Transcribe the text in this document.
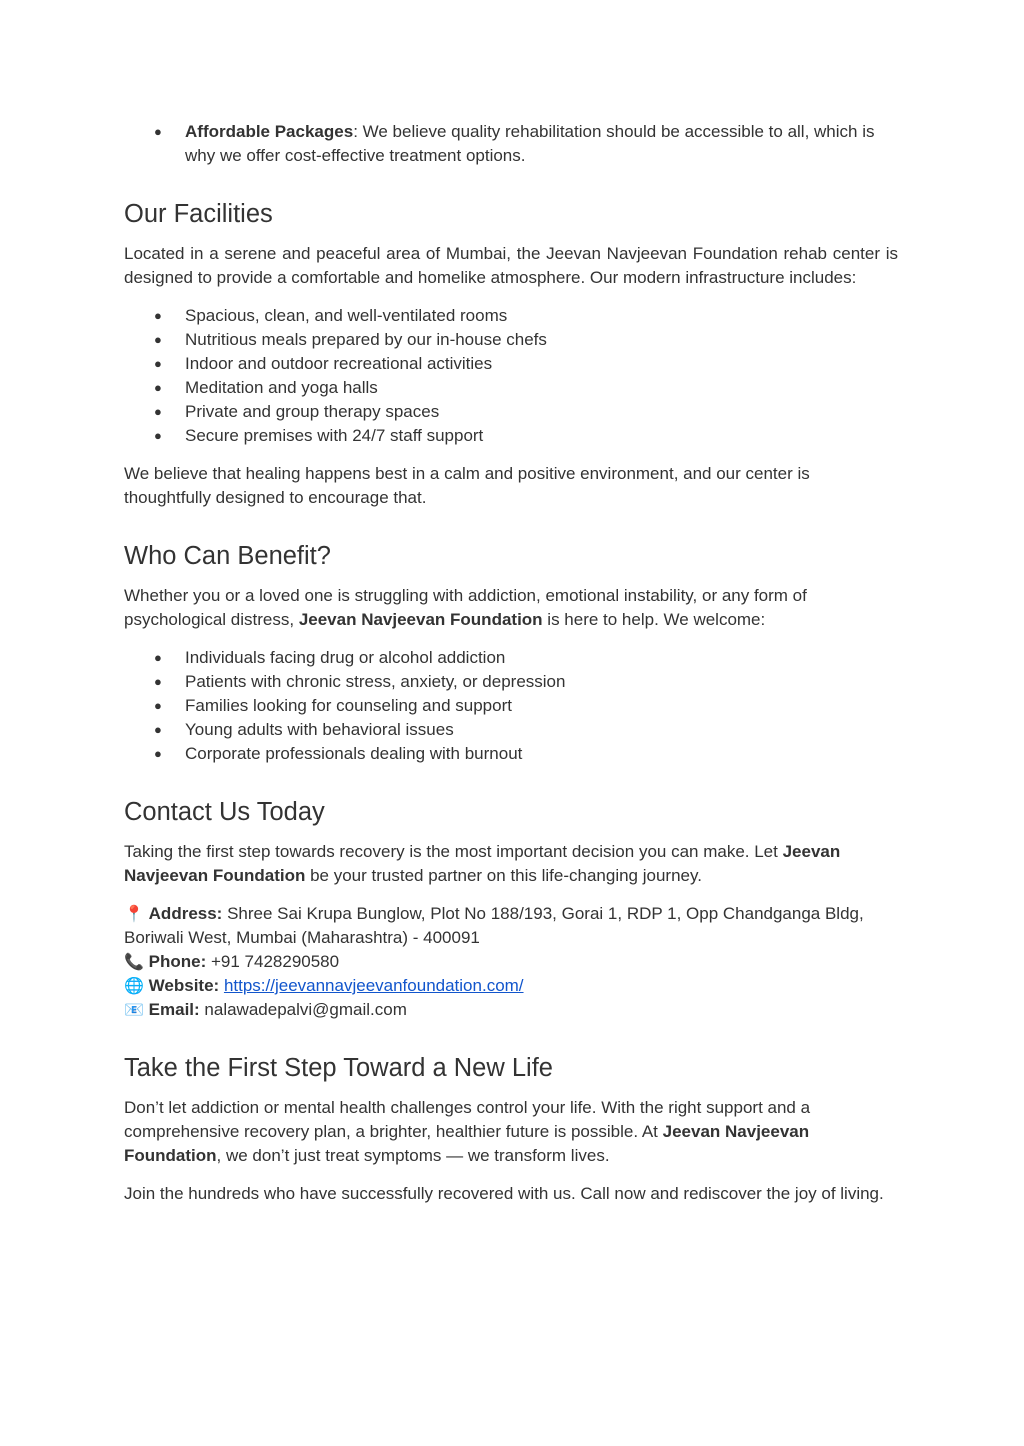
● Affordable Packages: We believe quality rehabilitation should be accessible to all, which is why we offer cost-effective treatment options.
Our Facilities

Located in a serene and peaceful area of Mumbai, the Jeevan Navjeevan Foundation rehab center is designed to provide a comfortable and homelike atmosphere. Our modern infrastructure includes:

● Spacious, clean, and well-ventilated rooms
● Nutritious meals prepared by our in-house chefs
● Indoor and outdoor recreational activities
● Meditation and yoga halls
● Private and group therapy spaces
● Secure premises with 24/7 staff support

We believe that healing happens best in a calm and positive environment, and our center is thoughtfully designed to encourage that.

Who Can Benefit?

Whether you or a loved one is struggling with addiction, emotional instability, or any form of psychological distress, Jeevan Navjeevan Foundation is here to help. We welcome:

● Individuals facing drug or alcohol addiction
● Patients with chronic stress, anxiety, or depression
● Families looking for counseling and support
● Young adults with behavioral issues
● Corporate professionals dealing with burnout
Contact Us Today

Taking the first step towards recovery is the most important decision you can make. Let Jeevan Navjeevan Foundation be your trusted partner on this life-changing journey.

📍 Address: Shree Sai Krupa Bunglow, Plot No 188/193, Gorai 1, RDP 1, Opp Chandganga Bldg, Boriwali West, Mumbai (Maharashtra) - 400091
📞 Phone: +91 7428290580
🌐 Website: https://jeevannavjeevanfoundation.com/
📧 Email: nalawadepalvi@gmail.com

Take the First Step Toward a New Life

Don’t let addiction or mental health challenges control your life. With the right support and a comprehensive recovery plan, a brighter, healthier future is possible. At Jeevan Navjeevan Foundation, we don’t just treat symptoms — we transform lives.

Join the hundreds who have successfully recovered with us. Call now and rediscover the joy of living.
